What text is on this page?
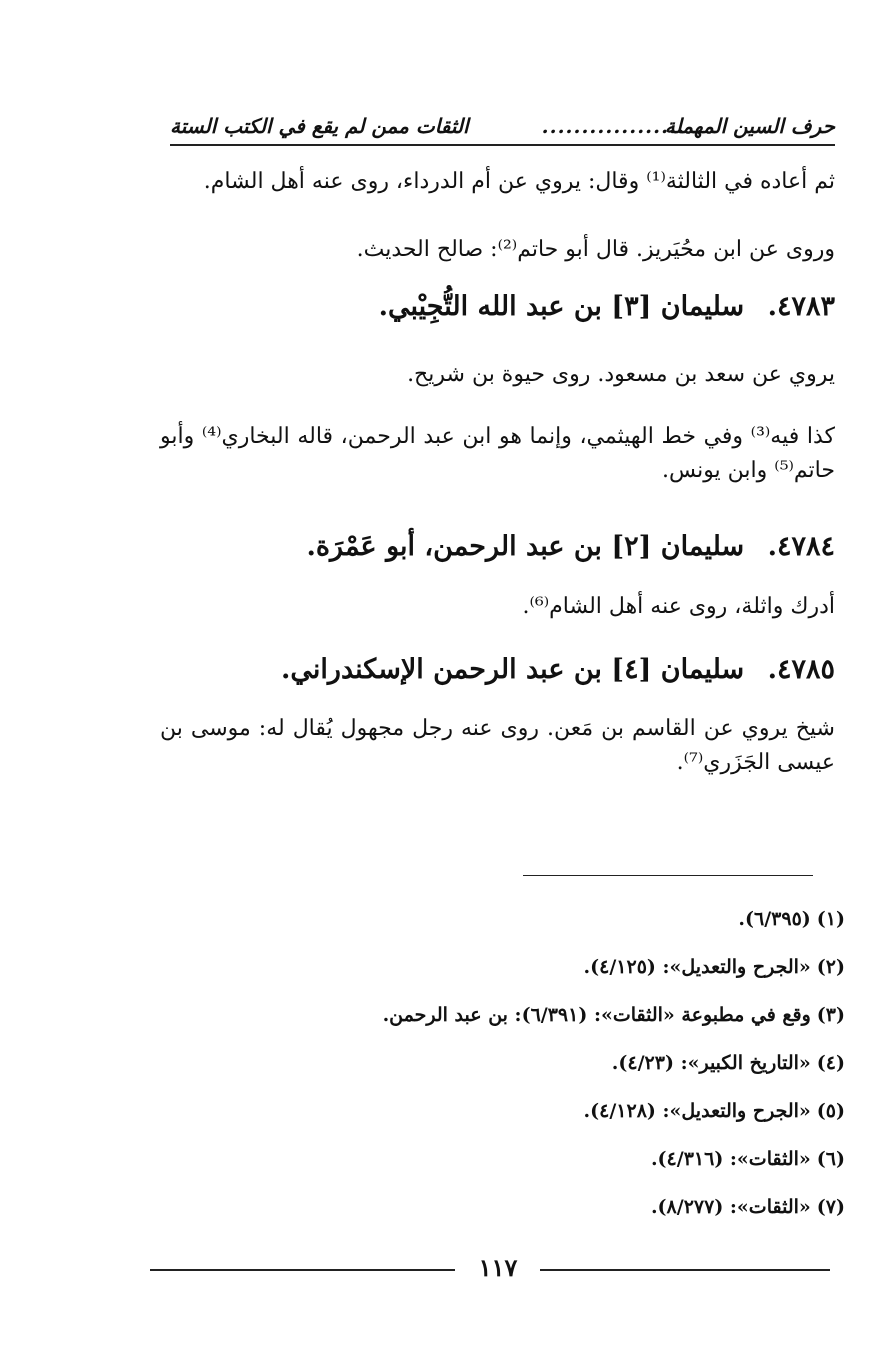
حرف السين المهملة
..................
الثقات ممن لم يقع في الكتب الستة
ثم أعاده في الثالثة⁽¹⁾ وقال: يروي عن أم الدرداء، روى عنه أهل الشام.
وروى عن ابن محُيَريز. قال أبو حاتم⁽²⁾: صالح الحديث.
٤٧٨٣. سليمان [٣] بن عبد الله التُّجِيْبي.
يروي عن سعد بن مسعود. روى حيوة بن شريح.
كذا فيه⁽³⁾ وفي خط الهيثمي، وإنما هو ابن عبد الرحمن، قاله البخاري⁽⁴⁾ وأبو حاتم⁽⁵⁾ وابن يونس.
٤٧٨٤. سليمان [٢] بن عبد الرحمن، أبو عَمْرَة.
أدرك واثلة، روى عنه أهل الشام⁽⁶⁾.
٤٧٨٥. سليمان [٤] بن عبد الرحمن الإسكندراني.
شيخ يروي عن القاسم بن مَعن. روى عنه رجل مجهول يُقال له: موسى بن عيسى الجَزَري⁽⁷⁾.
(١)(٦/٣٩٥).
(٢)«الجرح والتعديل»: (٤/١٢٥).
(٣)وقع في مطبوعة «الثقات»: (٦/٣٩١): بن عبد الرحمن.
(٤)«التاريخ الكبير»: (٤/٢٣).
(٥)«الجرح والتعديل»: (٤/١٢٨).
(٦)«الثقات»: (٤/٣١٦).
(٧)«الثقات»: (٨/٢٧٧).
١١٧
